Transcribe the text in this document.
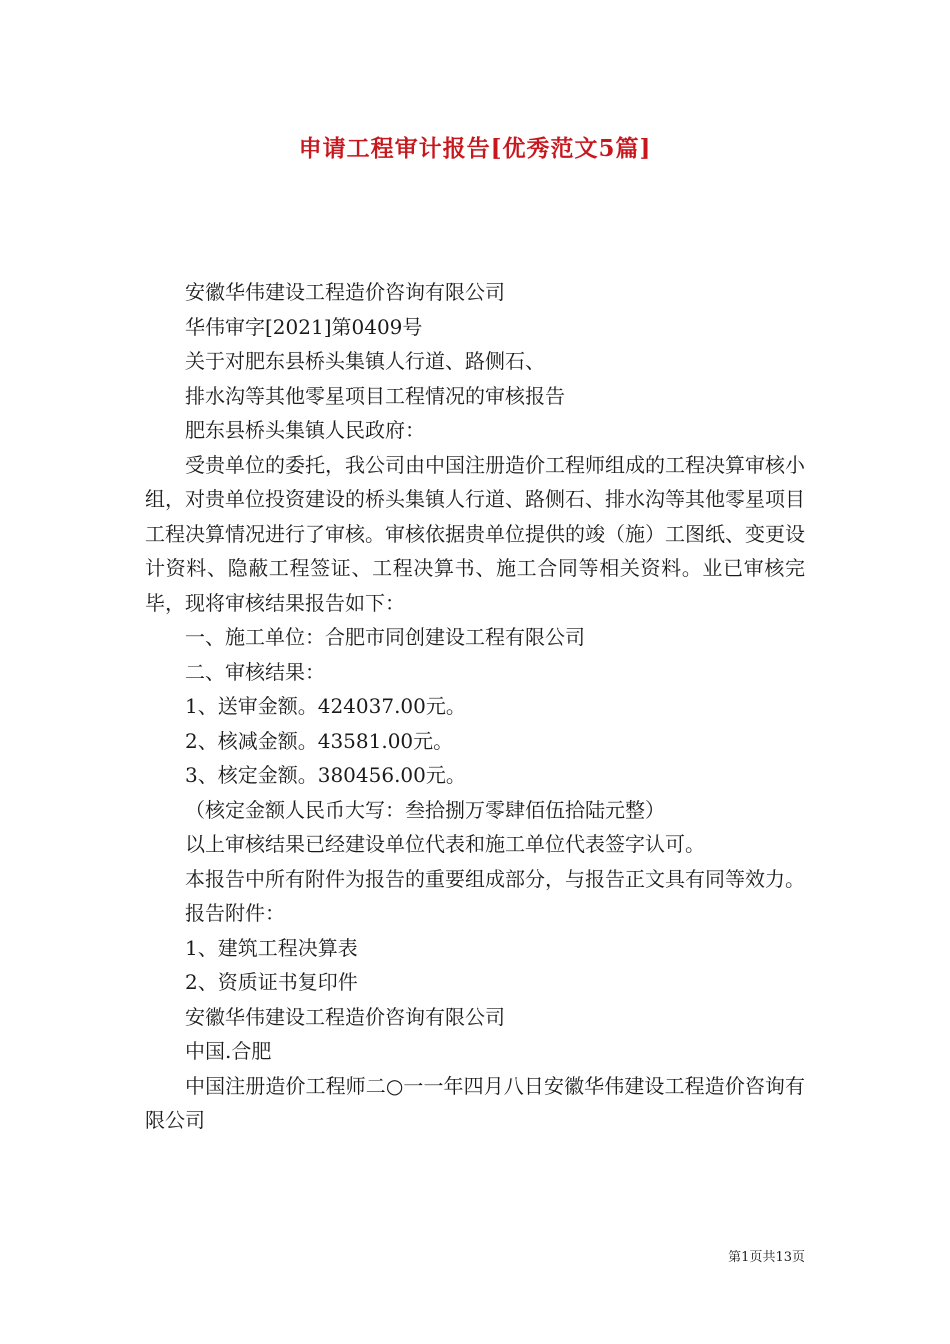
申请工程审计报告[优秀范文5篇]

安徽华伟建设工程造价咨询有限公司

华伟审字[2021]第0409号

关于对肥东县桥头集镇人行道、路侧石、

排水沟等其他零星项目工程情况的审核报告

肥东县桥头集镇人民政府：

受贵单位的委托，我公司由中国注册造价工程师组成的工程决算审核小组，对贵单位投资建设的桥头集镇人行道、路侧石、排水沟等其他零星项目工程决算情况进行了审核。审核依据贵单位提供的竣（施）工图纸、变更设计资料、隐蔽工程签证、工程决算书、施工合同等相关资料。业已审核完毕，现将审核结果报告如下：

一、施工单位：合肥市同创建设工程有限公司

二、审核结果：

1、送审金额。424037.00元。

2、核减金额。43581.00元。

3、核定金额。380456.00元。

（核定金额人民币大写：叁拾捌万零肆佰伍拾陆元整）

以上审核结果已经建设单位代表和施工单位代表签字认可。

本报告中所有附件为报告的重要组成部分，与报告正文具有同等效力。

报告附件：

1、建筑工程决算表

2、资质证书复印件

安徽华伟建设工程造价咨询有限公司

中国.合肥

中国注册造价工程师二○一一年四月八日安徽华伟建设工程造价咨询有限公司

第1页共13页
